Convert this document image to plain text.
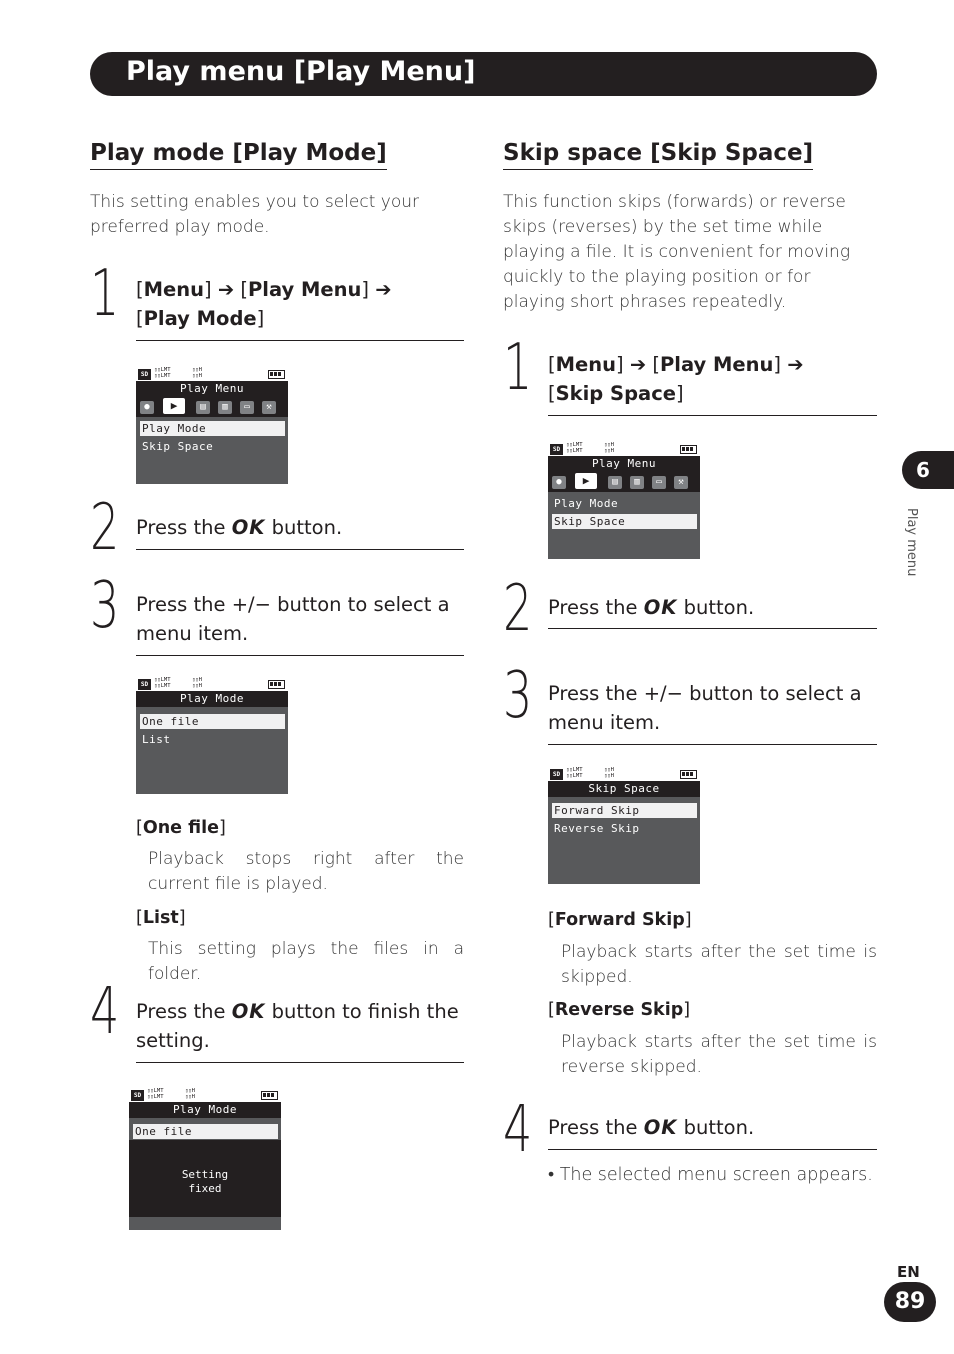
Play menu [Play Menu]
Play mode [Play Mode]
This setting enables you to select your preferred play mode.
1 [Menu] ➔ [Play Menu] ➔
[Play Mode]
SD
▯▯LMT
▯▯LMT
▯▯H
▯▯H
Play Menu
●	▶	▤	▥	▭	⚒
Play Mode
Skip Space
2 Press the OK button.
3 Press the +/− button to select a
menu item.
SD
▯▯LMT
▯▯LMT
▯▯H
▯▯H
Play Mode
One file
List
[One file]
Playback stops right after the current file is played.
[List]
This setting plays the files in a folder.
4 Press the OK button to finish the
setting.
SD
▯▯LMT
▯▯LMT
▯▯H
▯▯H
Play Mode
One file
Setting
fixed
Skip space [Skip Space]
This function skips (forwards) or reverse skips (reverses) by the set time while playing a file. It is convenient for moving quickly to the playing position or for playing short phrases repeatedly.
1 [Menu] ➔ [Play Menu] ➔
[Skip Space]
SD
▯▯LMT
▯▯LMT
▯▯H
▯▯H
Play Menu
●	▶	▤	▥	▭	⚒
Play Mode
Skip Space
2 Press the OK button.
3 Press the +/− button to select a
menu item.
SD
▯▯LMT
▯▯LMT
▯▯H
▯▯H
Skip Space
Forward Skip
Reverse Skip
[Forward Skip]
Playback starts after the set time is skipped.
[Reverse Skip]
Playback starts after the set time is reverse skipped.
4 Press the OK button.
• The selected menu screen appears.
6
Play menu
EN
89
